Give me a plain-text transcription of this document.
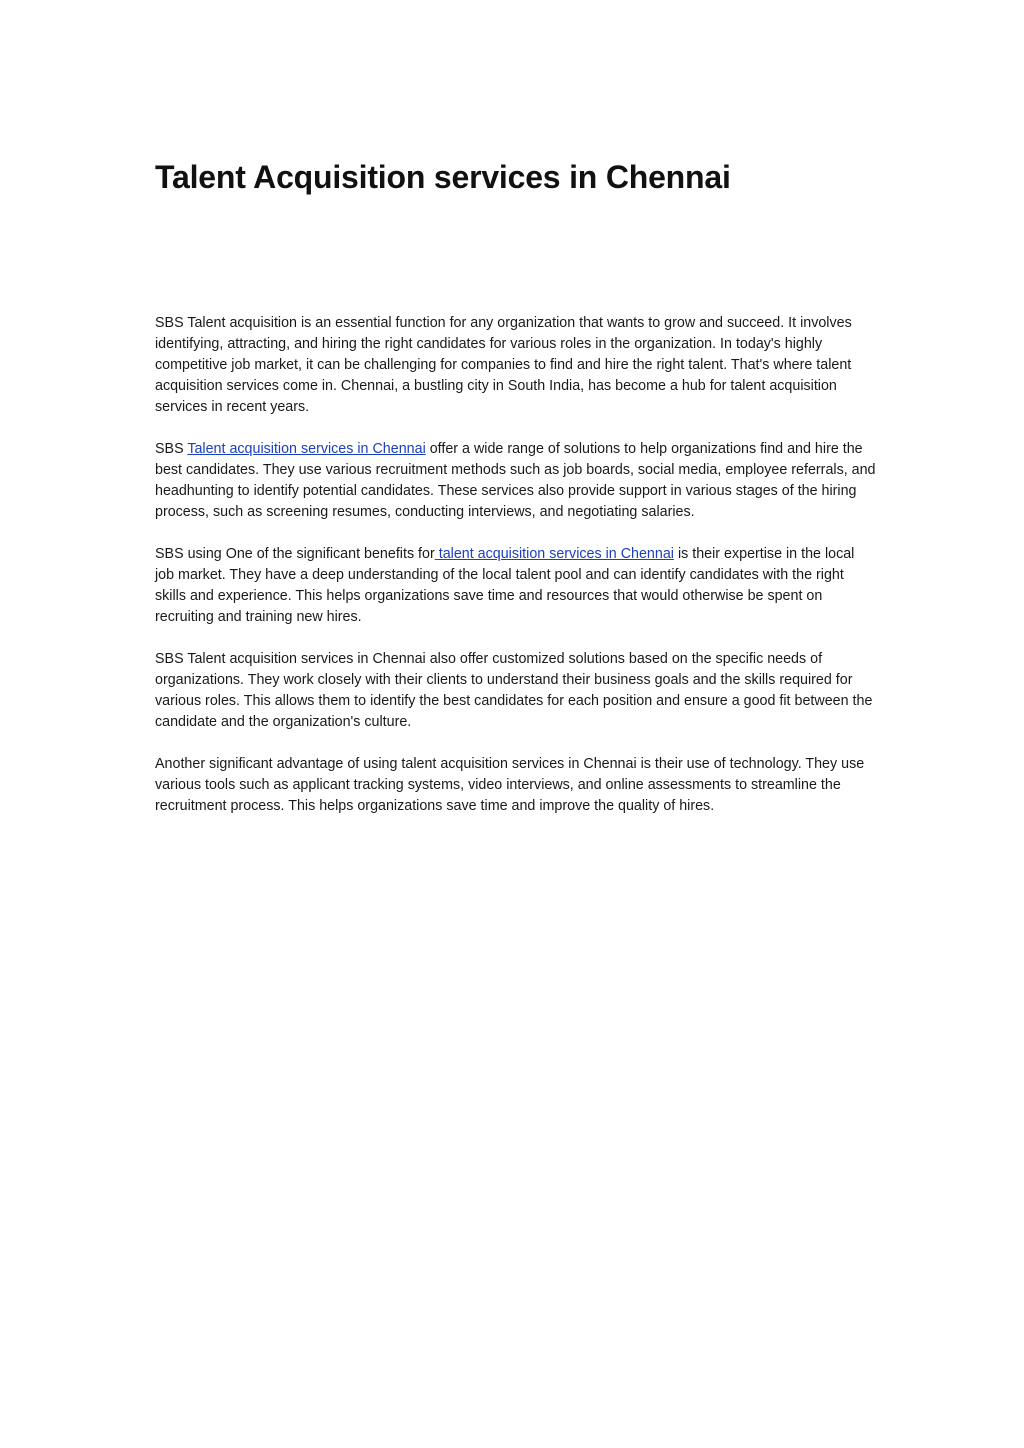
Talent Acquisition services in Chennai

SBS Talent acquisition is an essential function for any organization that wants to grow and succeed. It involves identifying, attracting, and hiring the right candidates for various roles in the organization. In today's highly competitive job market, it can be challenging for companies to find and hire the right talent. That's where talent acquisition services come in. Chennai, a bustling city in South India, has become a hub for talent acquisition services in recent years.

SBS Talent acquisition services in Chennai offer a wide range of solutions to help organizations find and hire the best candidates. They use various recruitment methods such as job boards, social media, employee referrals, and headhunting to identify potential candidates. These services also provide support in various stages of the hiring process, such as screening resumes, conducting interviews, and negotiating salaries.

SBS using One of the significant benefits for talent acquisition services in Chennai is their expertise in the local job market. They have a deep understanding of the local talent pool and can identify candidates with the right skills and experience. This helps organizations save time and resources that would otherwise be spent on recruiting and training new hires.

SBS Talent acquisition services in Chennai also offer customized solutions based on the specific needs of organizations. They work closely with their clients to understand their business goals and the skills required for various roles. This allows them to identify the best candidates for each position and ensure a good fit between the candidate and the organization's culture.

Another significant advantage of using talent acquisition services in Chennai is their use of technology. They use various tools such as applicant tracking systems, video interviews, and online assessments to streamline the recruitment process. This helps organizations save time and improve the quality of hires.
